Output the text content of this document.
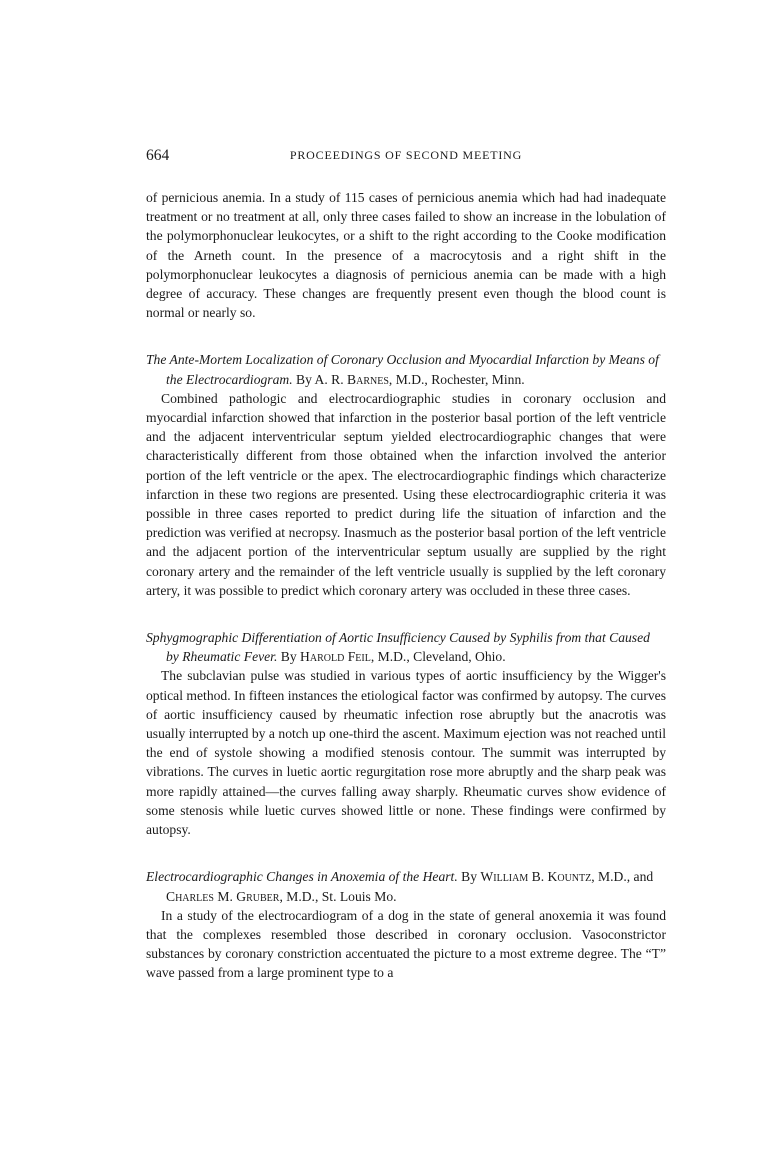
664	PROCEEDINGS OF SECOND MEETING

of pernicious anemia. In a study of 115 cases of pernicious anemia which had had inadequate treatment or no treatment at all, only three cases failed to show an increase in the lobulation of the polymorphonuclear leukocytes, or a shift to the right according to the Cooke modification of the Arneth count. In the presence of a macrocytosis and a right shift in the polymorphonuclear leukocytes a diagnosis of pernicious anemia can be made with a high degree of accuracy. These changes are frequently present even though the blood count is normal or nearly so.

The Ante-Mortem Localization of Coronary Occlusion and Myocardial Infarction by Means of the Electrocardiogram. By A. R. Barnes, M.D., Rochester, Minn.

Combined pathologic and electrocardiographic studies in coronary occlusion and myocardial infarction showed that infarction in the posterior basal portion of the left ventricle and the adjacent interventricular septum yielded electrocardiographic changes that were characteristically different from those obtained when the infarction involved the anterior portion of the left ventricle or the apex. The electrocardiographic findings which characterize infarction in these two regions are presented. Using these electrocardiographic criteria it was possible in three cases reported to predict during life the situation of infarction and the prediction was verified at necropsy. Inasmuch as the posterior basal portion of the left ventricle and the adjacent portion of the interventricular septum usually are supplied by the right coronary artery and the remainder of the left ventricle usually is supplied by the left coronary artery, it was possible to predict which coronary artery was occluded in these three cases.

Sphygmographic Differentiation of Aortic Insufficiency Caused by Syphilis from that Caused by Rheumatic Fever. By Harold Feil, M.D., Cleveland, Ohio.

The subclavian pulse was studied in various types of aortic insufficiency by the Wigger's optical method. In fifteen instances the etiological factor was confirmed by autopsy. The curves of aortic insufficiency caused by rheumatic infection rose abruptly but the anacrotis was usually interrupted by a notch up one-third the ascent. Maximum ejection was not reached until the end of systole showing a modified stenosis contour. The summit was interrupted by vibrations. The curves in luetic aortic regurgitation rose more abruptly and the sharp peak was more rapidly attained—the curves falling away sharply. Rheumatic curves show evidence of some stenosis while luetic curves showed little or none. These findings were confirmed by autopsy.

Electrocardiographic Changes in Anoxemia of the Heart. By William B. Kountz, M.D., and Charles M. Gruber, M.D., St. Louis Mo.

In a study of the electrocardiogram of a dog in the state of general anoxemia it was found that the complexes resembled those described in coronary occlusion. Vasoconstrictor substances by coronary constriction accentuated the picture to a most extreme degree. The “T” wave passed from a large prominent type to a
